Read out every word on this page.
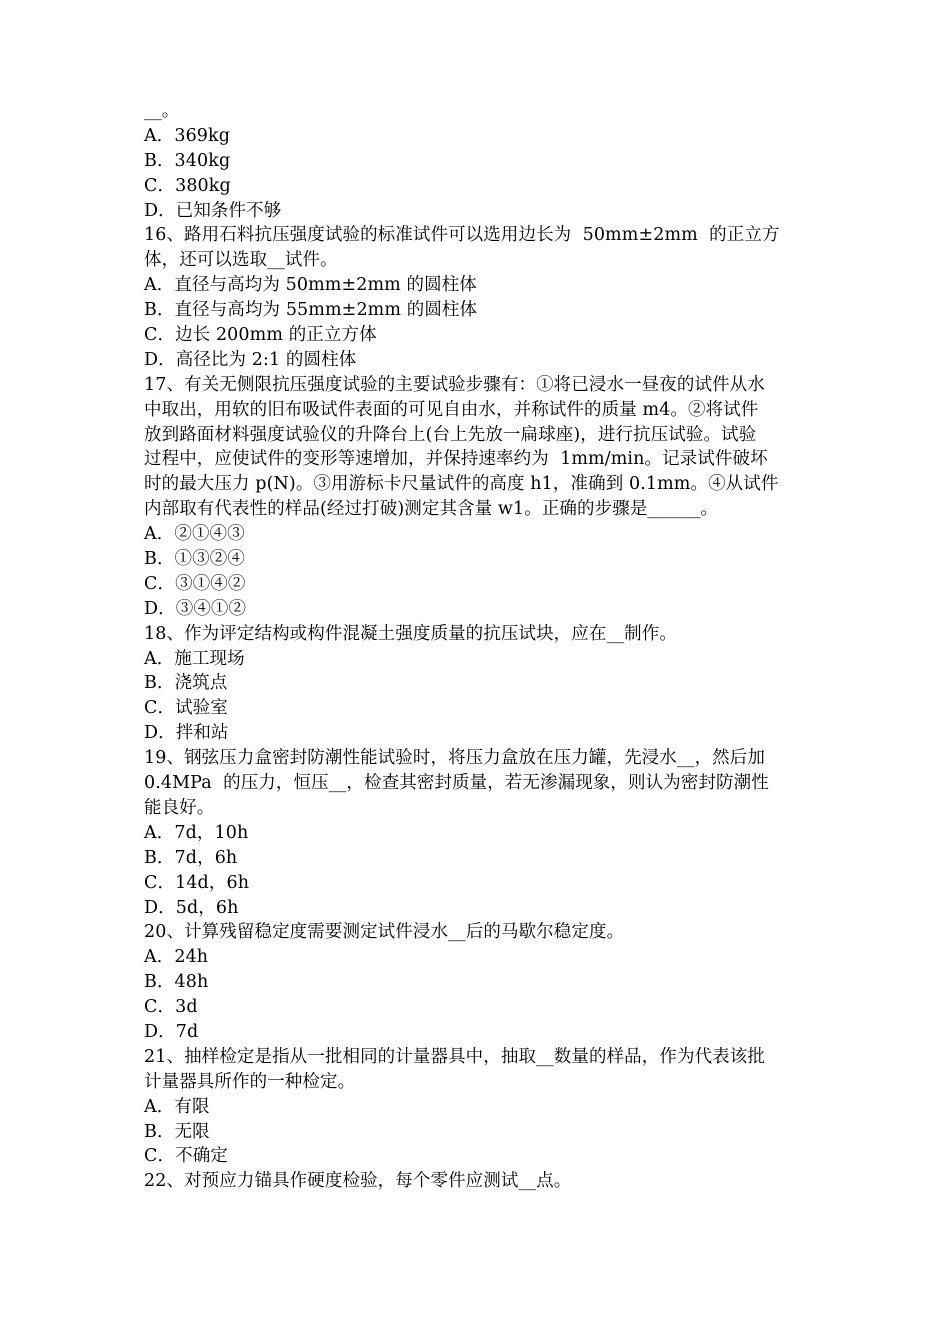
__。
A．369kg
B．340kg
C．380kg
D．已知条件不够
16、路用石料抗压强度试验的标准试件可以选用边长为  50mm±2mm  的正立方
体，还可以选取__试件。
A．直径与高均为 50mm±2mm 的圆柱体
B．直径与高均为 55mm±2mm 的圆柱体
C．边长 200mm 的正立方体
D．高径比为 2:1 的圆柱体
17、有关无侧限抗压强度试验的主要试验步骤有：①将已浸水一昼夜的试件从水
中取出，用软的旧布吸试件表面的可见自由水，并称试件的质量 m4。②将试件
放到路面材料强度试验仪的升降台上(台上先放一扁球座)，进行抗压试验。试验
过程中，应使试件的变形等速增加，并保持速率约为  1mm/min。记录试件破坏
时的最大压力 p(N)。③用游标卡尺量试件的高度 h1，准确到 0.1mm。④从试件
内部取有代表性的样品(经过打破)测定其含量 w1。正确的步骤是______。
A．②①④③
B．①③②④
C．③①④②
D．③④①②
18、作为评定结构或构件混凝土强度质量的抗压试块，应在__制作。
A．施工现场
B．浇筑点
C．试验室
D．拌和站
19、钢弦压力盒密封防潮性能试验时，将压力盒放在压力罐，先浸水__，然后加
0.4MPa  的压力，恒压__，检查其密封质量，若无渗漏现象，则认为密封防潮性
能良好。
A．7d，10h
B．7d，6h
C．14d，6h
D．5d，6h
20、计算残留稳定度需要测定试件浸水__后的马歇尔稳定度。
A．24h
B．48h
C．3d
D．7d
21、抽样检定是指从一批相同的计量器具中，抽取__数量的样品，作为代表该批
计量器具所作的一种检定。
A．有限
B．无限
C．不确定
22、对预应力锚具作硬度检验，每个零件应测试__点。
